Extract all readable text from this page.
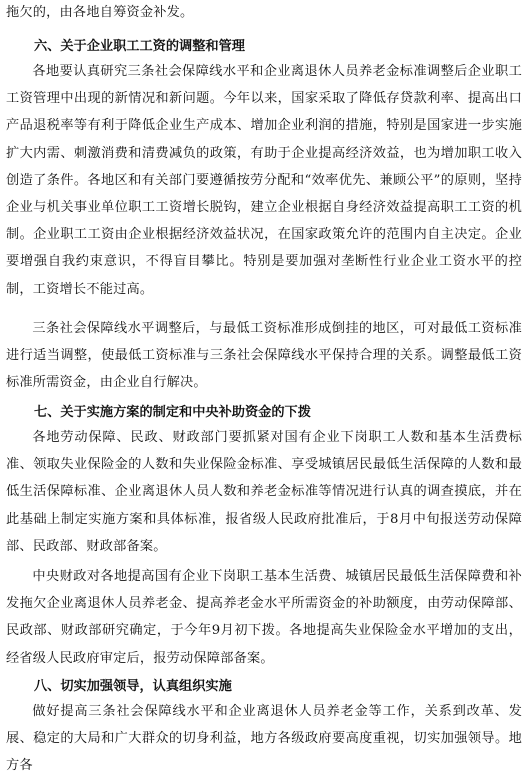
拖欠的，由各地自筹资金补发。

六、关于企业职工工资的调整和管理

各地要认真研究三条社会保障线水平和企业离退休人员养老金标准调整后企业职工工资管理中出现的新情况和新问题。今年以来，国家采取了降低存贷款利率、提高出口产品退税率等有利于降低企业生产成本、增加企业利润的措施，特别是国家进一步实施扩大内需、刺激消费和清费减负的政策，有助于企业提高经济效益，也为增加职工收入创造了条件。各地区和有关部门要遵循按劳分配和“效率优先、兼顾公平”的原则，坚持企业与机关事业单位职工工资增长脱钩，建立企业根据自身经济效益提高职工工资的机制。企业职工工资由企业根据经济效益状况，在国家政策允许的范围内自主决定。企业要增强自我约束意识，不得盲目攀比。特别是要加强对垄断性行业企业工资水平的控制，工资增长不能过高。

三条社会保障线水平调整后，与最低工资标准形成倒挂的地区，可对最低工资标准进行适当调整，使最低工资标准与三条社会保障线水平保持合理的关系。调整最低工资标准所需资金，由企业自行解决。

七、关于实施方案的制定和中央补助资金的下拨

各地劳动保障、民政、财政部门要抓紧对国有企业下岗职工人数和基本生活费标准、领取失业保险金的人数和失业保险金标准、享受城镇居民最低生活保障的人数和最低生活保障标准、企业离退休人员人数和养老金标准等情况进行认真的调查摸底，并在此基础上制定实施方案和具体标准，报省级人民政府批准后，于8月中旬报送劳动保障部、民政部、财政部备案。

中央财政对各地提高国有企业下岗职工基本生活费、城镇居民最低生活保障费和补发拖欠企业离退休人员养老金、提高养老金水平所需资金的补助额度，由劳动保障部、民政部、财政部研究确定，于今年9月初下拨。各地提高失业保险金水平增加的支出，经省级人民政府审定后，报劳动保障部备案。

八、切实加强领导，认真组织实施

做好提高三条社会保障线水平和企业离退休人员养老金等工作，关系到改革、发展、稳定的大局和广大群众的切身利益，地方各级政府要高度重视，切实加强领导。地方各
